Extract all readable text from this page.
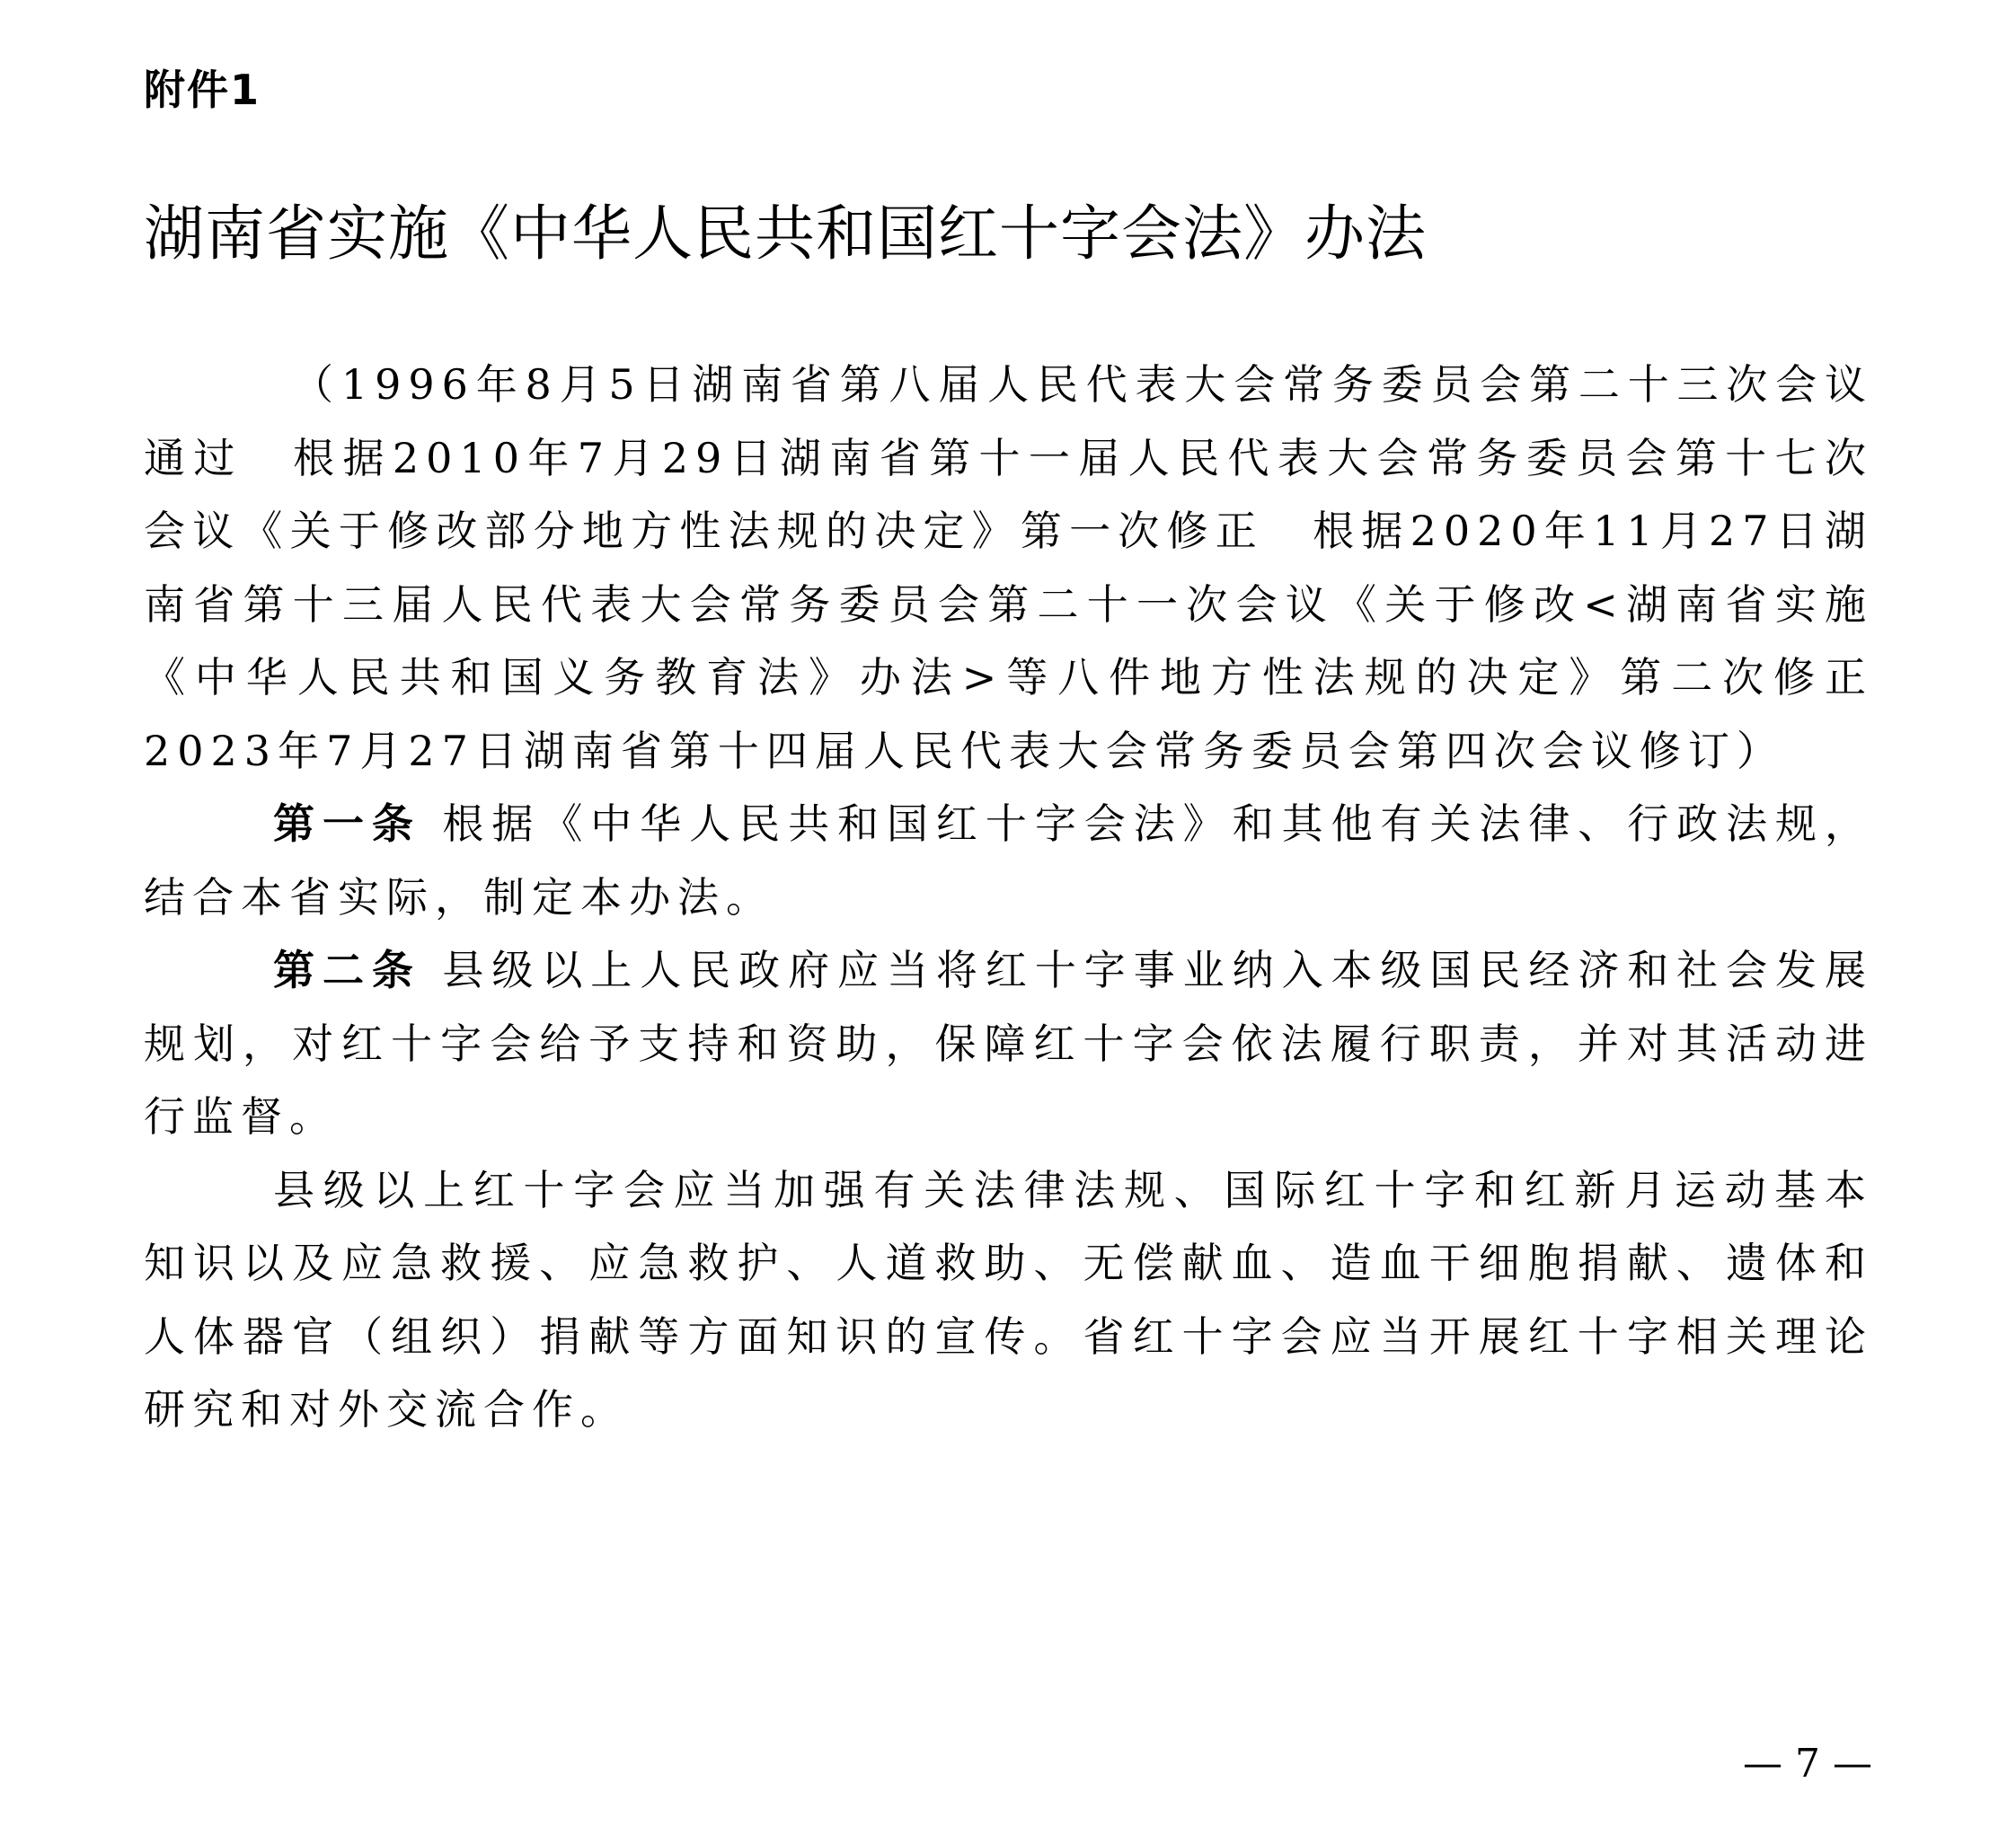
附件1
湖南省实施《中华人民共和国红十字会法》办法

（1996年8月5日湖南省第八届人民代表大会常务委员会第二十三次会议通过　根据2010年7月29日湖南省第十一届人民代表大会常务委员会第十七次会议《关于修改部分地方性法规的决定》第一次修正　根据2020年11月27日湖南省第十三届人民代表大会常务委员会第二十一次会议《关于修改<湖南省实施《中华人民共和国义务教育法》办法>等八件地方性法规的决定》第二次修正　2023年7月27日湖南省第十四届人民代表大会常务委员会第四次会议修订）

第一条 根据《中华人民共和国红十字会法》和其他有关法律、行政法规，结合本省实际，制定本办法。

第二条 县级以上人民政府应当将红十字事业纳入本级国民经济和社会发展规划，对红十字会给予支持和资助，保障红十字会依法履行职责，并对其活动进行监督。

县级以上红十字会应当加强有关法律法规、国际红十字和红新月运动基本知识以及应急救援、应急救护、人道救助、无偿献血、造血干细胞捐献、遗体和人体器官（组织）捐献等方面知识的宣传。省红十字会应当开展红十字相关理论研究和对外交流合作。

— 7 —
